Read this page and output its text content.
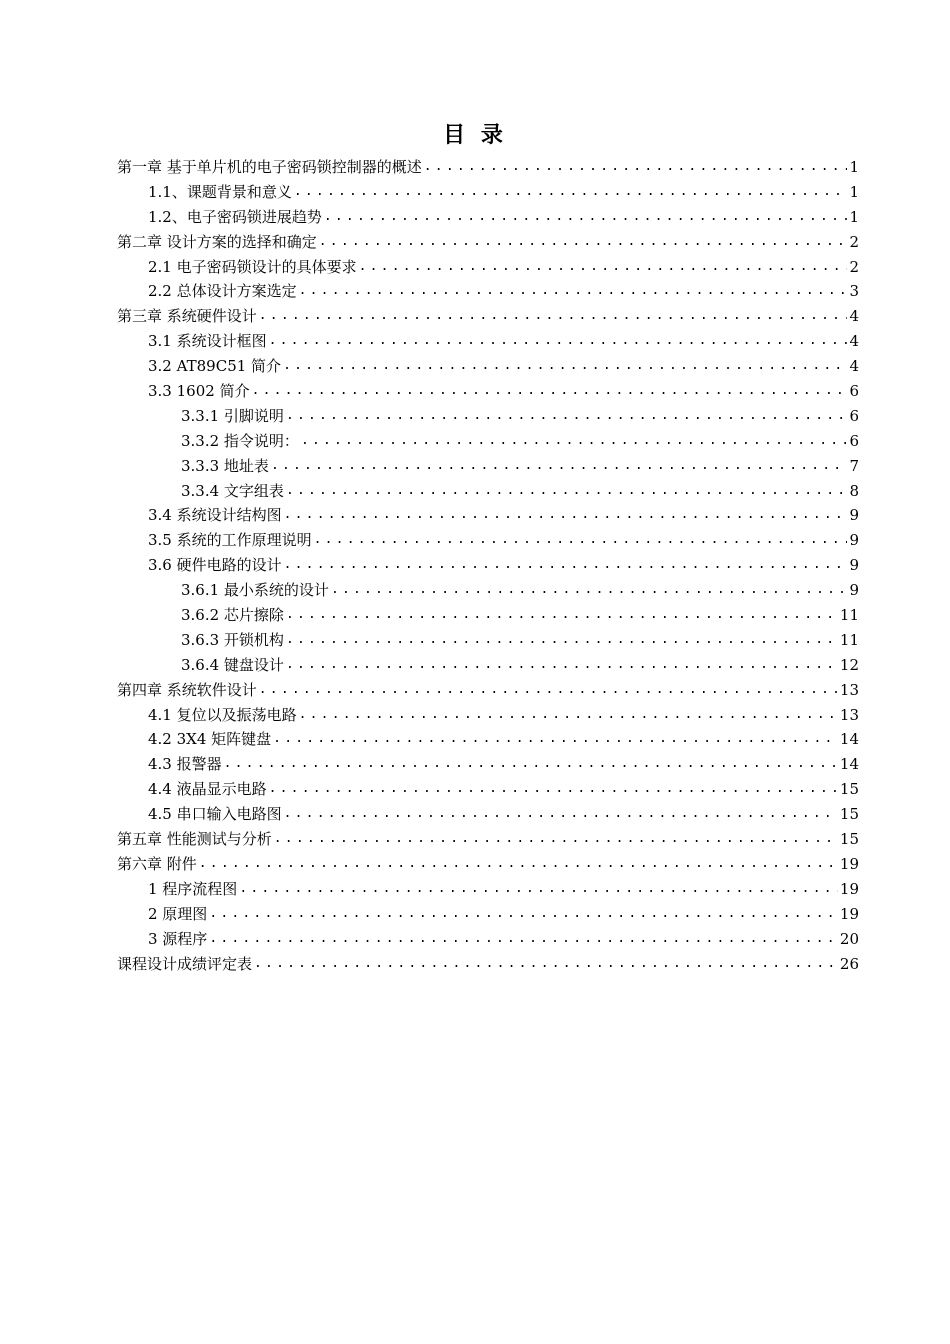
目 录
第一章 基于单片机的电子密码锁控制器的概述 .....	1
1.1、课题背景和意义 .....	1
1.2、电子密码锁进展趋势 .....	1
第二章 设计方案的选择和确定 .....	2
2.1 电子密码锁设计的具体要求 .....	2
2.2 总体设计方案选定 .....	3
第三章 系统硬件设计 .....	4
3.1 系统设计框图 .....	4
3.2 AT89C51 简介 .....	4
3.3 1602 简介 .....	6
3.3.1 引脚说明 .....	6
3.3.2 指令说明： .....	6
3.3.3 地址表 .....	7
3.3.4 文字组表 .....	8
3.4 系统设计结构图 .....	9
3.5 系统的工作原理说明 .....	9
3.6 硬件电路的设计 .....	9
3.6.1 最小系统的设计 .....	9
3.6.2 芯片擦除 .....	11
3.6.3 开锁机构 .....	11
3.6.4 键盘设计 .....	12
第四章 系统软件设计 .....	13
4.1 复位以及振荡电路 .....	13
4.2 3X4 矩阵键盘 .....	14
4.3 报警器 .....	14
4.4 液晶显示电路 .....	15
4.5 串口输入电路图 .....	15
第五章 性能测试与分析 .....	15
第六章 附件 .....	19
1 程序流程图 .....	19
2 原理图 .....	19
3 源程序 .....	20
课程设计成绩评定表 .....	26
